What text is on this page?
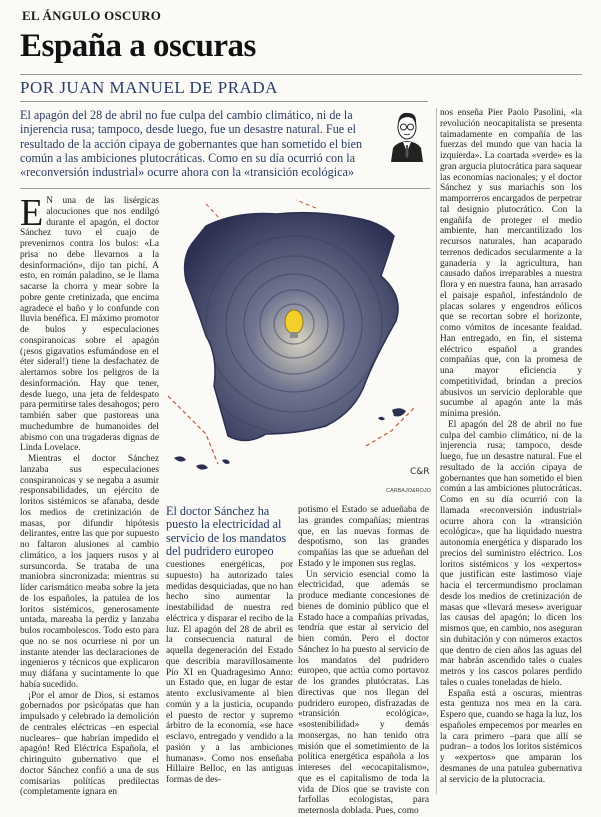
EL ÁNGULO OSCURO
España a oscuras
POR JUAN MANUEL DE PRADA
El apagón del 28 de abril no fue culpa del cambio climático, ni de la injerencia rusa; tampoco, desde luego, fue un desastre natural. Fue el resultado de la acción cipaya de gobernantes que han sometido el bien común a las ambiciones plutocráticas. Como en su día ocurrió con la «reconversión industrial» ocurre ahora con la «transición ecológica»

E N una de las lisérgicas alocuciones que nos endilgó durante el apagón, el doctor Sánchez tuvo el cuajo de prevenirnos contra los bulos: «La prisa no debe llevarnos a la desinformación», dijo tan pichí. A esto, en román paladino, se le llama sacarse la chorra y mear sobre la pobre gente cretinizada, que encima agradece el baño y lo confunde con lluvia benéfica. El máximo promotor de bulos y especulaciones conspiranoicas sobre el apagón (¡esos gigavatios esfumándose en el éter sideral!) tiene la desfachatez de alertarnos sobre los peligros de la desinformación. Hay que tener, desde luego, una jeta de feldespato para permitirse tales desahogos; pero también saber que pastoreas una muchedumbre de humanoides del abismo con una tragaderas dignas de Linda Lovelace.

Mientras el doctor Sánchez lanzaba sus especulaciones conspiranoicas y se negaba a asumir responsabilidades, un ejército de loritos sistémicos se afanaba, desde los medios de cretinización de masas, por difundir hipótesis delirantes, entre las que por supuesto no faltaron alusiones al cambio climático, a los jaquers rusos y al sursuncorda. Se trataba de una maniobra sincronizada: mientras su líder carismático meaba sobre la jeta de los españoles, la patulea de los loritos sistémicos, generosamente untada, mareaba la perdiz y lanzaba bulos rocambolescos. Todo esto para que no se nos ocurriese ni por un instante atender las declaraciones de ingenieros y técnicos que explicaron muy diáfana y sucintamente lo que había sucedido.

¡Por el amor de Dios, si estamos gobernados por psicópatas que han impulsado y celebrado la demolición de centrales eléctricas –en especial nucleares– que habrían impedido el apagón! Red Eléctrica Española, el chiringuito gubernativo que el doctor Sánchez confió a una de sus comisarias políticas predilectas (completamente ignara en

C&R
CARBAJO&ROJO
El doctor Sánchez ha puesto la electricidad al servicio de los mandatos del pudridero europeo

cuestiones energéticas, por supuesto) ha autorizado tales medidas desquiciadas, que no han hecho sino aumentar la inestabilidad de nuestra red eléctrica y disparar el recibo de la luz. El apagón del 28 de abril es la consecuencia natural de aquella degeneración del Estado que describía maravillosamente Pío XI en Quadragesimo Anno: un Estado que, en lugar de estar atento exclusivamente al bien común y a la justicia, ocupando el puesto de rector y supremo árbitro de la economía, «se hace esclavo, entregado y vendido a la pasión y a las ambiciones humanas». Como nos enseñaba Hillaire Belloc, en las antiguas formas de des-

potismo el Estado se adueñaba de las grandes compañías; mientras que, en las nuevas formas de despotismo, son las grandes compañías las que se adueñan del Estado y le imponen sus reglas.

Un servicio esencial como la electricidad, que además se produce mediante concesiones de bienes de dominio público que el Estado hace a compañías privadas, tendría que estar al servicio del bien común. Pero el doctor Sánchez lo ha puesto al servicio de los mandatos del pudridero europeo, que actúa como portavoz de los grandes plutócratas. Las directivas que nos llegan del pudridero europeo, disfrazadas de «transición ecológica», «sostenibilidad» y demás monsergas, no han tenido otra misión que el sometimiento de la política energética española a los intereses del «ecocapitalismo», que es el capitalismo de toda la vida de Dios que se traviste con farfollas ecologistas, para meternosla doblada. Pues, como

nos enseña Pier Paolo Pasolini, «la revolución neocapitalista se presenta taimadamente en compañía de las fuerzas del mundo que van hacia la izquierda». La coartada «verde» es la gran argucia plutocrática para saquear las economías nacionales; y el doctor Sánchez y sus mariachis son los mamporreros encargados de perpetrar tal designio plutocrático. Con la engañifa de proteger el medio ambiente, han mercantilizado los recursos naturales, han acaparado terrenos dedicados secularmente a la ganadería y la agricultura, han causado daños irreparables a nuestra flora y en nuestra fauna, han arrasado el paisaje español, infestándolo de placas solares y engendros eólicos que se recortan sobre el horizonte, como vómitos de incesante fealdad. Han entregado, en fin, el sistema eléctrico español a grandes compañías que, con la promesa de una mayor eficiencia y competitividad, brindan a precios abusivos un servicio deplorable que sucumbe al apagón ante la más mínima presión.

El apagón del 28 de abril no fue culpa del cambio climático, ni de la injerencia rusa; tampoco, desde luego, fue un desastre natural. Fue el resultado de la acción cipaya de gobernantes que han sometido el bien común a las ambiciones plutocráticas. Como en su día ocurrió con la llamada «reconversión industrial» ocurre ahora con la «transición ecológica», que ha liquidado nuestra autonomía energética y disparado los precios del suministro eléctrico. Los loritos sistémicos y los «expertos» que justifican este lastimoso viaje hacia el tercermundismo proclaman desde los medios de cretinización de masas que «llevará meses» averiguar las causas del apagón; lo dicen los mismos que, en cambio, nos aseguran sin dubitación y con números exactos que dentro de cien años las aguas del mar habrán ascendido tales o cuales metros y los cascos polares perdido tales o cuales toneladas de hielo.

España está a oscuras, mientras esta gentuza nos mea en la cara. Espero que, cuando se haga la luz, los españoles empecemos por mearles en la cara primero –para que allí se pudran– a todos los loritos sistémicos y «expertos» que amparan los desmanes de una patulea gubernativa al servicio de la plutocracia.
